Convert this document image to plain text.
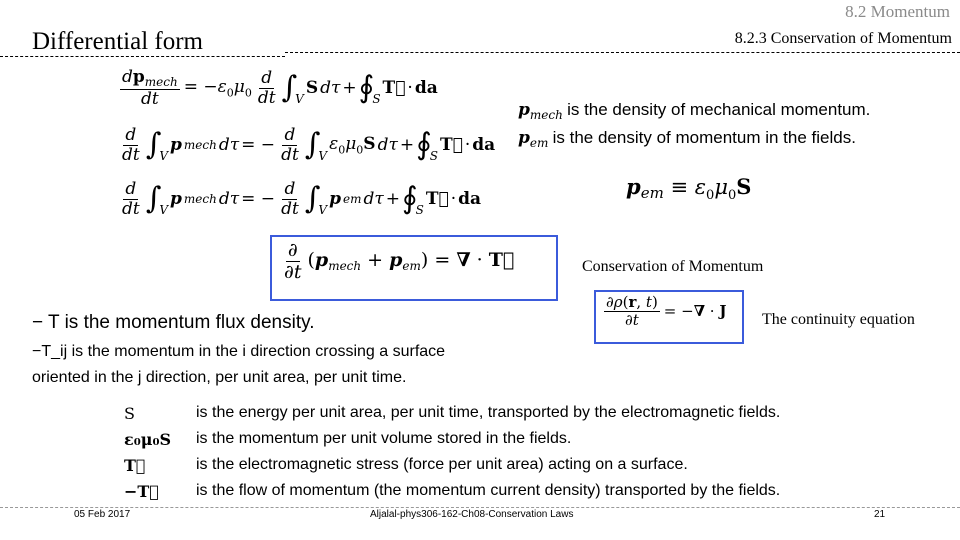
8.2 Momentum
Differential form	8.2.3 Conservation of Momentum
$\frac{dp_{mech}}{dt} = -\varepsilon_0\mu_0 \frac{d}{dt}$ ∫
V
S dτ + ∮
S
T⃡ · da
$\frac{d}{dt}$ ∫
V
p mech dτ = − $\frac{d}{dt}$ ∫
V
$\varepsilon_0\mu_0S$ dτ + ∮
S
T⃡ · da
$\frac{d}{dt}$ ∫
V
p mech dτ = − $\frac{d}{dt}$ ∫
V
p em dτ + ∮
S
T⃡ · da
$\frac{\partial}{\partial t} (p_{mech} + p_{em})$ = ∇ · T⃡	Conservation of Momentum
$p_{mech}$ is the density of mechanical momentum.
$p_{em}$ is the density of momentum in the fields.
$p_{em} \equiv \varepsilon_0\mu_0S$
$\frac{\partial\rho(r, t)}{\partial t}$ = −∇ · J The continuity equation
− T is the momentum flux density.
−T_ij is the momentum in the i direction crossing a surface
oriented in the j direction, per unit area, per unit time.
S	is the energy per unit area, per unit time, transported by the electromagnetic fields.
ε₀μ₀S	is the momentum per unit volume stored in the fields.
T⃡	is the electromagnetic stress (force per unit area) acting on a surface.
−T⃡	is the flow of momentum (the momentum current density) transported by the fields.
05 Feb 2017	Aljalal-phys306-162-Ch08-Conservation Laws	21
